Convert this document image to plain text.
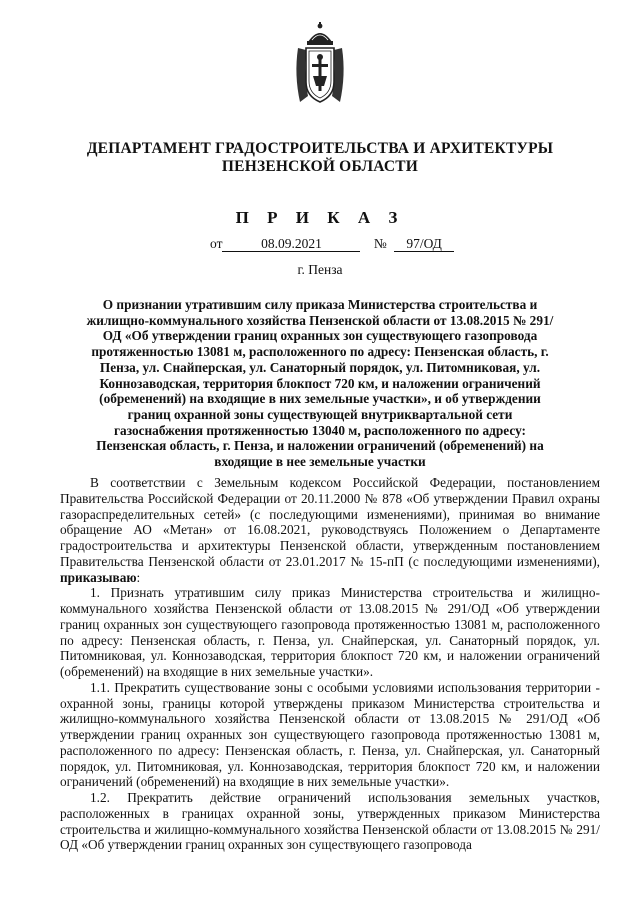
ДЕПАРТАМЕНТ ГРАДОСТРОИТЕЛЬСТВА И АРХИТЕКТУРЫ
ПЕНЗЕНСКОЙ ОБЛАСТИ
П Р И К А З
от	08.09.2021	№ 97/ОД
г. Пенза
О признании утратившим силу приказа Министерства строительства и жилищно-коммунального хозяйства Пензенской области от 13.08.2015 № 291/ОД «Об утверждении границ охранных зон существующего газопровода протяженностью 13081 м, расположенного по адресу: Пензенская область, г. Пенза, ул. Снайперская, ул. Санаторный порядок, ул. Питомниковая, ул. Коннозаводская, территория блокпост 720 км, и наложении ограничений (обременений) на входящие в них земельные участки», и об утверждении границ охранной зоны существующей внутриквартальной сети газоснабжения протяженностью 13040 м, расположенного по адресу: Пензенская область, г. Пенза, и наложении ограничений (обременений) на входящие в нее земельные участки

В соответствии с Земельным кодексом Российской Федерации, постановлением Правительства Российской Федерации от 20.11.2000 № 878 «Об утверждении Правил охраны газораспределительных сетей» (с последующими изменениями), принимая во внимание обращение АО «Метан» от 16.08.2021, руководствуясь Положением о Департаменте градостроительства и архитектуры Пензенской области, утвержденным постановлением Правительства Пензенской области от 23.01.2017 № 15-пП (с последующими изменениями), приказываю:

1. Признать утратившим силу приказ Министерства строительства и жилищно-коммунального хозяйства Пензенской области от 13.08.2015 № 291/ОД «Об утверждении границ охранных зон существующего газопровода протяженностью 13081 м, расположенного по адресу: Пензенская область, г. Пенза, ул. Снайперская, ул. Санаторный порядок, ул. Питомниковая, ул. Коннозаводская, территория блокпост 720 км, и наложении ограничений (обременений) на входящие в них земельные участки».

1.1. Прекратить существование зоны с особыми условиями использования территории - охранной зоны, границы которой утверждены приказом Министерства строительства и жилищно-коммунального хозяйства Пензенской области от 13.08.2015 № 291/ОД «Об утверждении границ охранных зон существующего газопровода протяженностью 13081 м, расположенного по адресу: Пензенская область, г. Пенза, ул. Снайперская, ул. Санаторный порядок, ул. Питомниковая, ул. Коннозаводская, территория блокпост 720 км, и наложении ограничений (обременений) на входящие в них земельные участки».

1.2. Прекратить действие ограничений использования земельных участков, расположенных в границах охранной зоны, утвержденных приказом Министерства строительства и жилищно-коммунального хозяйства Пензенской области от 13.08.2015 № 291/ОД «Об утверждении границ охранных зон существующего газопровода
